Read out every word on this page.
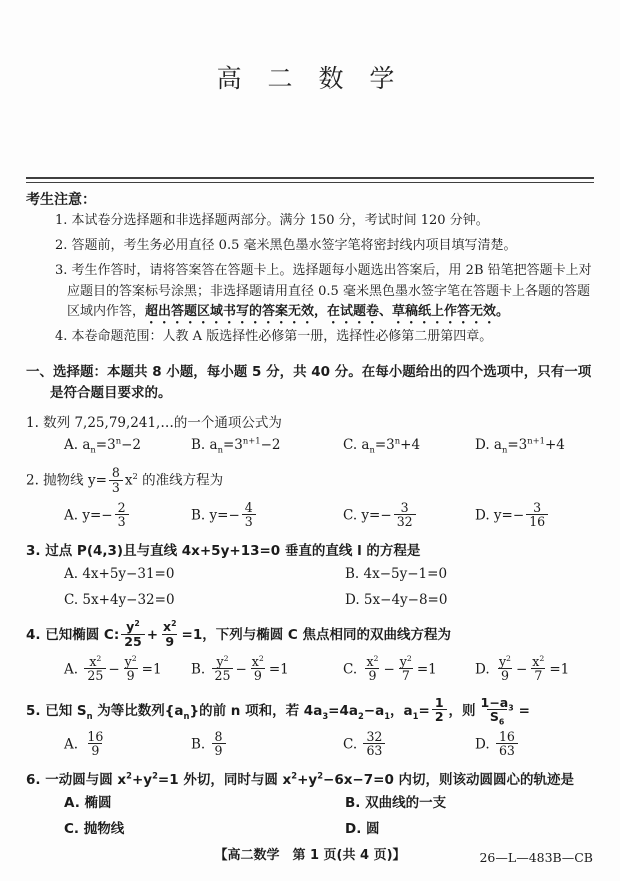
高 二 数 学
考生注意：
1. 本试卷分选择题和非选择题两部分。满分 150 分，考试时间 120 分钟。
2. 答题前，考生务必用直径 0.5 毫米黑色墨水签字笔将密封线内项目填写清楚。
3. 考生作答时，请将答案答在答题卡上。选择题每小题选出答案后，用 2B 铅笔把答题卡上对应题目的答案标号涂黑；非选择题请用直径 0.5 毫米黑色墨水签字笔在答题卡上各题的答题区域内作答，超出答题区域书写的答案无效，在试题卷、草稿纸上作答无效。
4. 本卷命题范围：人教 A 版选择性必修第一册，选择性必修第二册第四章。
一、选择题：本题共 8 小题，每小题 5 分，共 40 分。在每小题给出的四个选项中，只有一项是符合题目要求的。
1. 数列 7,25,79,241,…的一个通项公式为
A. $a_n=3^n-2$	B. $a_n=3^{n+1}-2$	C. $a_n=3^n+4$	D. $a_n=3^{n+1}+4$
2. 抛物线 $y= \frac{8}{3} x^2$ 的准线方程为
A. $y=- \frac{2}{3}$	B. $y=- \frac{4}{3}$	C. $y=- \frac{3}{32}$	D. $y=- \frac{3}{16}$
3. 过点 P(4,3)且与直线 4x+5y+13=0 垂直的直线 l 的方程是
A. 4x+5y−31=0	B. 4x−5y−1=0
C. 5x+4y−32=0	D. 5x−4y−8=0
4. 已知椭圆 C: $\frac{y^2}{25} + \frac{x^2}{9} =1$，下列与椭圆 C 焦点相同的双曲线方程为
A. $\frac{x^2}{25} - \frac{y^2}{9} =1$	B. $\frac{y^2}{25} - \frac{x^2}{9} =1$	C. $\frac{x^2}{9} - \frac{y^2}{7} =1$	D. $\frac{y^2}{9} - \frac{x^2}{7} =1$
5. 已知 $S_n$ 为等比数列$\{a_n\}$的前 n 项和，若 $4a_3=4a_2-a_1$，$a_1= \frac{1}{2}$ ，则 $\frac{1-a_3}{S_6}$ =
A. $\frac{16}{9}$	B. $\frac{8}{9}$	C. $\frac{32}{63}$	D. $\frac{16}{63}$
6. 一动圆与圆 $x^2+y^2=1$ 外切，同时与圆 $x^2+y^2-6x-7=0$ 内切，则该动圆圆心的轨迹是
A. 椭圆	B. 双曲线的一支
C. 抛物线	D. 圆
【高二数学　第 1 页(共 4 页)】	26—L—483B—CB
